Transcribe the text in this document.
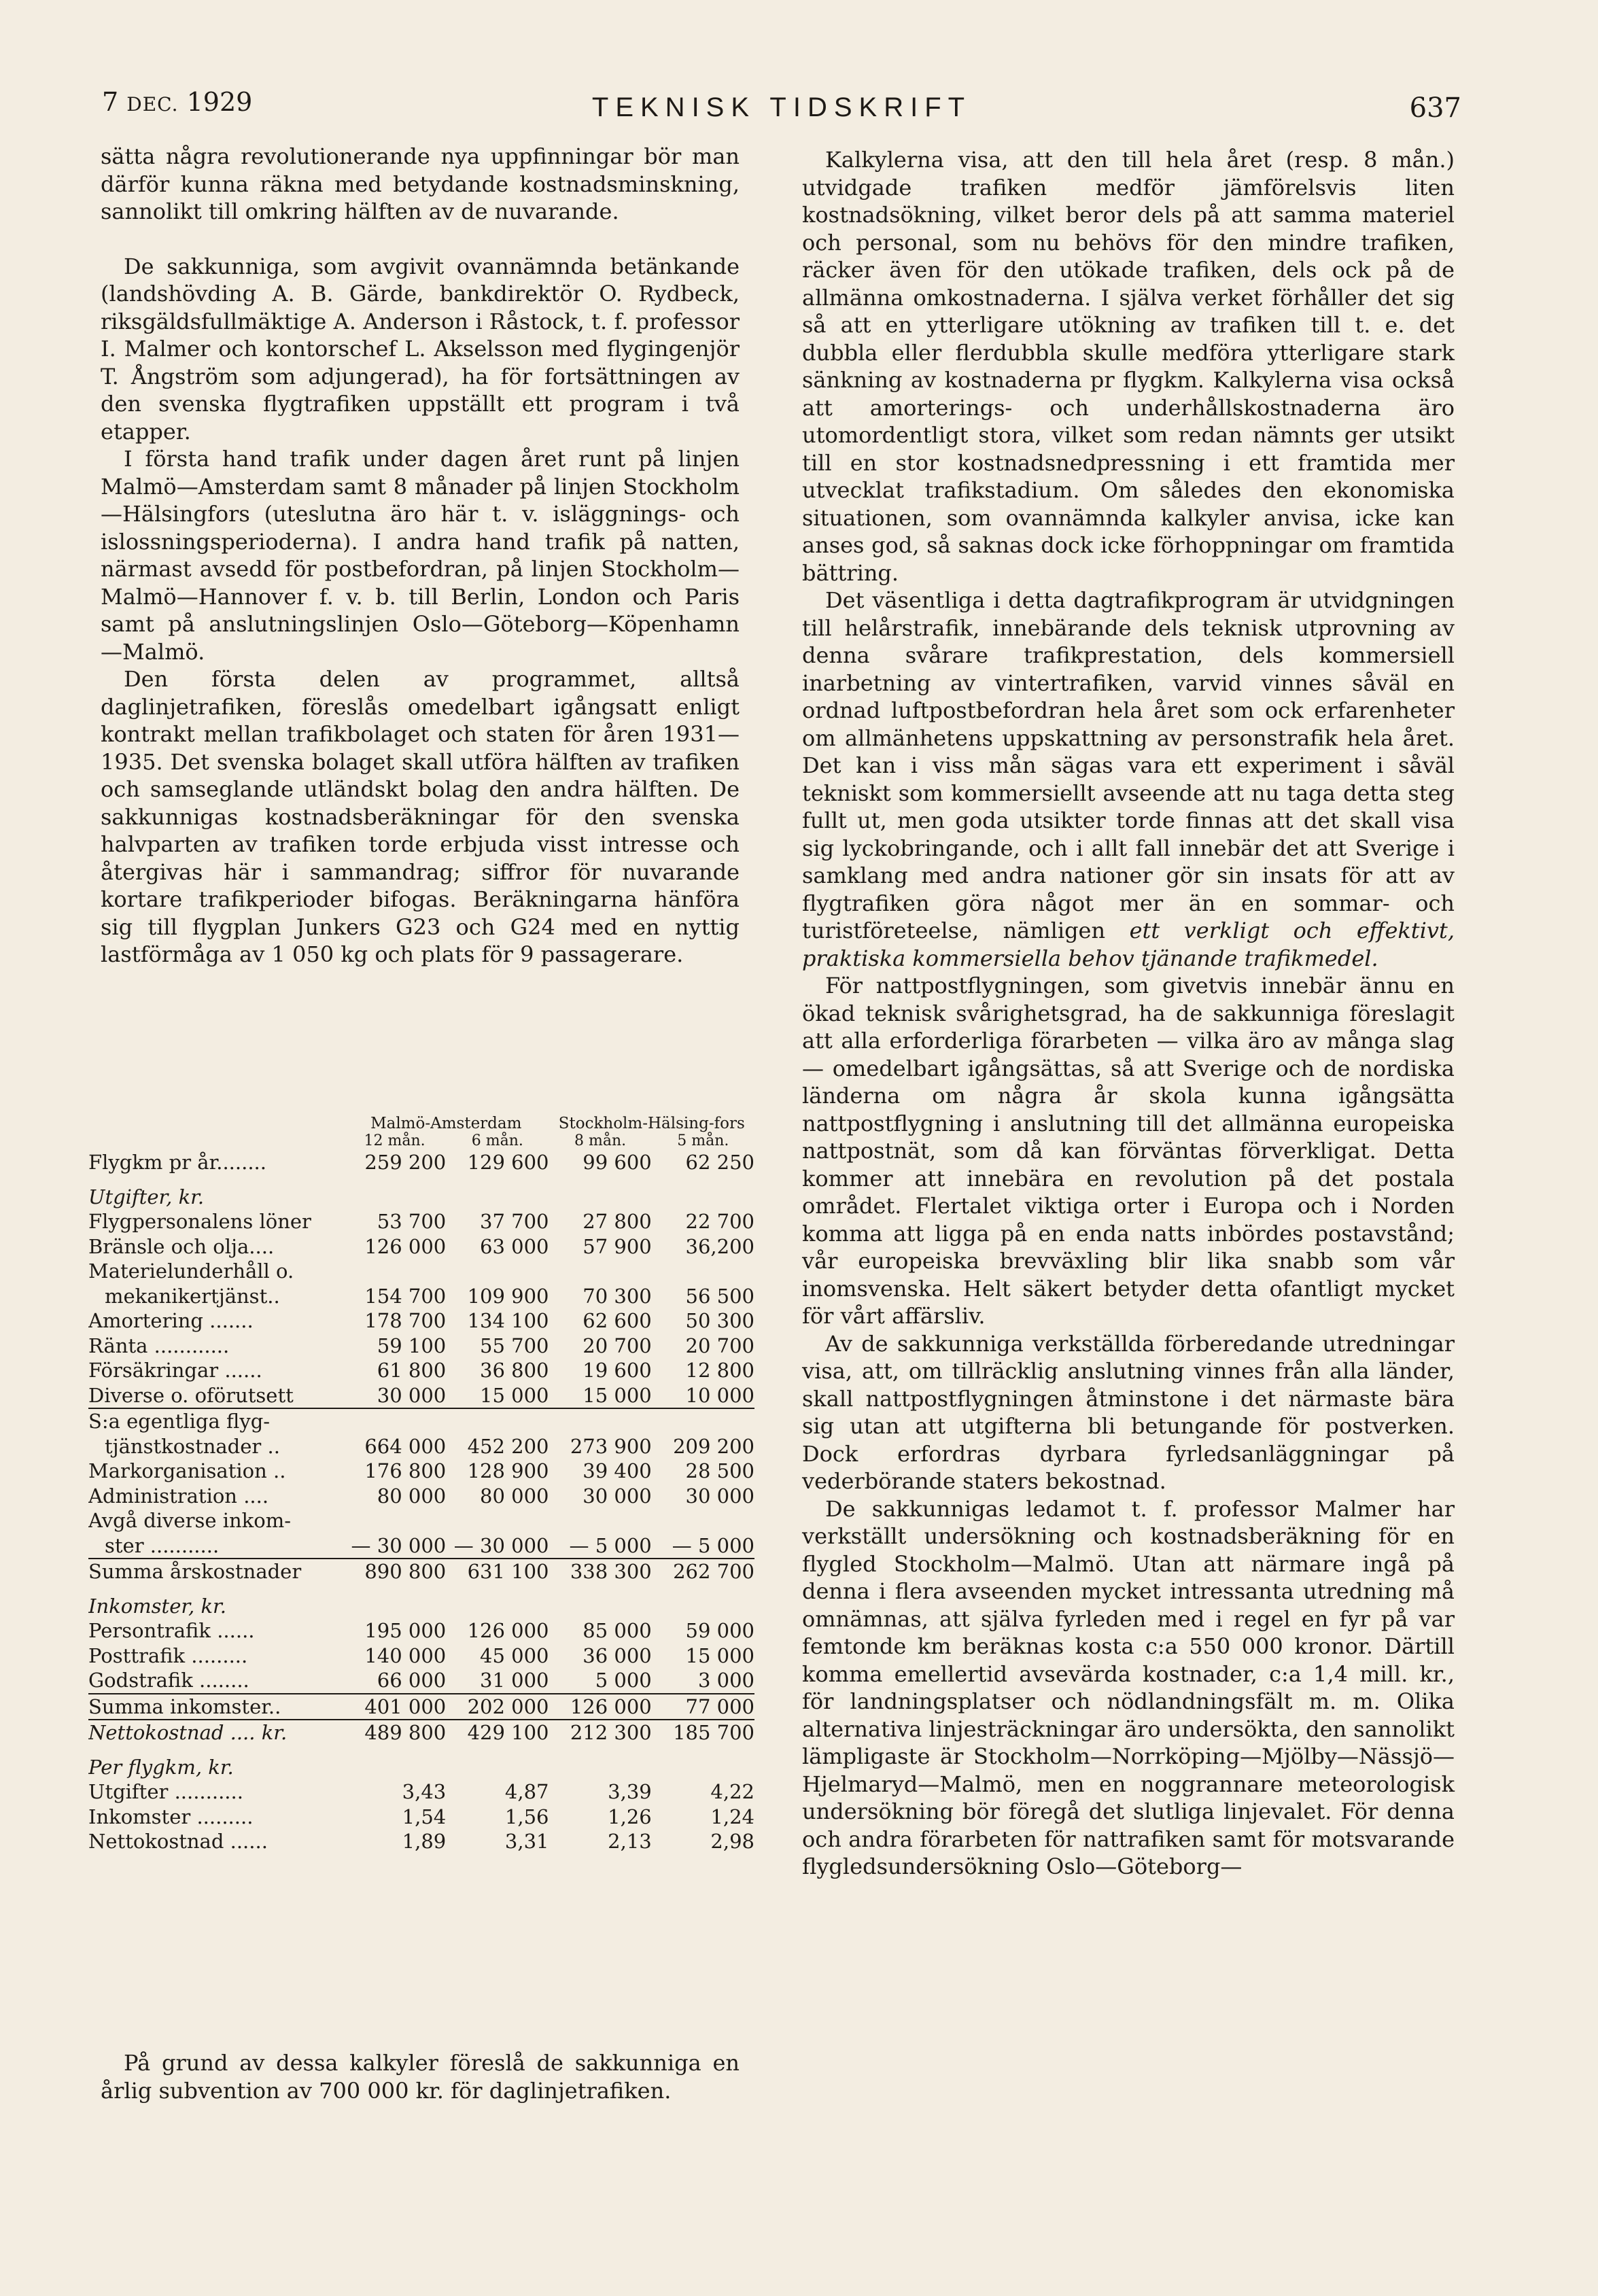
7 DEC. 1929	TEKNISK TIDSKRIFT	637

sätta några revolutionerande nya uppfinningar bör man därför kunna räkna med betydande kostnadsminskning, sannolikt till omkring hälften av de nuvarande.

De sakkunniga, som avgivit ovannämnda betänkande (landshövding A. B. Gärde, bankdirektör O. Rydbeck, riksgäldsfullmäktige A. Anderson i Råstock, t. f. professor I. Malmer och kontorschef L. Akselsson med flygingenjör T. Ångström som adjungerad), ha för fortsättningen av den svenska flygtrafiken uppställt ett program i två etapper.

I första hand trafik under dagen året runt på linjen Malmö—Amsterdam samt 8 månader på linjen Stockholm—Hälsingfors (uteslutna äro här t. v. isläggnings- och islossningsperioderna). I andra hand trafik på natten, närmast avsedd för postbefordran, på linjen Stockholm—Malmö—Hannover f. v. b. till Berlin, London och Paris samt på anslutningslinjen Oslo—Göteborg—Köpenhamn—Malmö.

Den första delen av programmet, alltså daglinjetrafiken, föreslås omedelbart igångsatt enligt kontrakt mellan trafikbolaget och staten för åren 1931—1935. Det svenska bolaget skall utföra hälften av trafiken och samseglande utländskt bolag den andra hälften. De sakkunnigas kostnadsberäkningar för den svenska halvparten av trafiken torde erbjuda visst intresse och återgivas här i sammandrag; siffror för nuvarande kortare trafikperioder bifogas. Beräkningarna hänföra sig till flygplan Junkers G23 och G24 med en nyttig lastförmåga av 1 050 kg och plats för 9 passagerare.

	Malmö-Amsterdam		Stockholm-Hälsing-fors	
	12 mån.	6 mån.	8 mån.	5 mån.
Flygkm pr år........	259 200	129 600	99 600	62 250

Utgifter, kr.				
Flygpersonalens löner	53 700	37 700	27 800	22 700
Bränsle och olja....	126 000	63 000	57 900	36,200
Materielunderhåll o.				
mekanikertjänst..	154 700	109 900	70 300	56 500
Amortering .......	178 700	134 100	62 600	50 300
Ränta ............	59 100	55 700	20 700	20 700
Försäkringar ......	61 800	36 800	19 600	12 800
Diverse o. oförutsett	30 000	15 000	15 000	10 000
S:a egentliga flyg-				
tjänstkostnader ..	664 000	452 200	273 900	209 200
Markorganisation ..	176 800	128 900	39 400	28 500
Administration ....	80 000	80 000	30 000	30 000
Avgå diverse inkom-				
ster ...........	— 30 000	— 30 000	— 5 000	— 5 000
Summa årskostnader	890 800	631 100	338 300	262 700

Inkomster, kr.				
Persontrafik ......	195 000	126 000	85 000	59 000
Posttrafik .........	140 000	45 000	36 000	15 000
Godstrafik ........	66 000	31 000	5 000	3 000
Summa inkomster..	401 000	202 000	126 000	77 000
Nettokostnad .... kr.	489 800	429 100	212 300	185 700

Per flygkm, kr.				
Utgifter ...........	3,43	4,87	3,39	4,22
Inkomster .........	1,54	1,56	1,26	1,24
Nettokostnad ......	1,89	3,31	2,13	2,98

På grund av dessa kalkyler föreslå de sakkunniga en årlig subvention av 700 000 kr. för daglinjetrafiken.

Kalkylerna visa, att den till hela året (resp. 8 mån.) utvidgade trafiken medför jämförelsvis liten kostnadsökning, vilket beror dels på att samma materiel och personal, som nu behövs för den mindre trafiken, räcker även för den utökade trafiken, dels ock på de allmänna omkostnaderna. I själva verket förhåller det sig så att en ytterligare utökning av trafiken till t. e. det dubbla eller flerdubbla skulle medföra ytterligare stark sänkning av kostnaderna pr flygkm. Kalkylerna visa också att amorterings- och underhållskostnaderna äro utomordentligt stora, vilket som redan nämnts ger utsikt till en stor kostnadsnedpressning i ett framtida mer utvecklat trafikstadium. Om således den ekonomiska situationen, som ovannämnda kalkyler anvisa, icke kan anses god, så saknas dock icke förhoppningar om framtida bättring.

Det väsentliga i detta dagtrafikprogram är utvidgningen till helårstrafik, innebärande dels teknisk utprovning av denna svårare trafikprestation, dels kommersiell inarbetning av vintertrafiken, varvid vinnes såväl en ordnad luftpostbefordran hela året som ock erfarenheter om allmänhetens uppskattning av personstrafik hela året. Det kan i viss mån sägas vara ett experiment i såväl tekniskt som kommersiellt avseende att nu taga detta steg fullt ut, men goda utsikter torde finnas att det skall visa sig lyckobringande, och i allt fall innebär det att Sverige i samklang med andra nationer gör sin insats för att av flygtrafiken göra något mer än en sommar- och turistföreteelse, nämligen ett verkligt och effektivt, praktiska kommersiella behov tjänande trafikmedel.

För nattpostflygningen, som givetvis innebär ännu en ökad teknisk svårighetsgrad, ha de sakkunniga föreslagit att alla erforderliga förarbeten — vilka äro av många slag — omedelbart igångsättas, så att Sverige och de nordiska länderna om några år skola kunna igångsätta nattpostflygning i anslutning till det allmänna europeiska nattpostnät, som då kan förväntas förverkligat. Detta kommer att innebära en revolution på det postala området. Flertalet viktiga orter i Europa och i Norden komma att ligga på en enda natts inbördes postavstånd; vår europeiska brevväxling blir lika snabb som vår inomsvenska. Helt säkert betyder detta ofantligt mycket för vårt affärsliv.

Av de sakkunniga verkställda förberedande utredningar visa, att, om tillräcklig anslutning vinnes från alla länder, skall nattpostflygningen åtminstone i det närmaste bära sig utan att utgifterna bli betungande för postverken. Dock erfordras dyrbara fyrledsanläggningar på vederbörande staters bekostnad.

De sakkunnigas ledamot t. f. professor Malmer har verkställt undersökning och kostnadsberäkning för en flygled Stockholm—Malmö. Utan att närmare ingå på denna i flera avseenden mycket intressanta utredning må omnämnas, att själva fyrleden med i regel en fyr på var femtonde km beräknas kosta c:a 550 000 kronor. Därtill komma emellertid avsevärda kostnader, c:a 1,4 mill. kr., för landningsplatser och nödlandningsfält m. m. Olika alternativa linjesträckningar äro undersökta, den sannolikt lämpligaste är Stockholm—Norrköping—Mjölby—Nässjö—Hjelmaryd—Malmö, men en noggrannare meteorologisk undersökning bör föregå det slutliga linjevalet. För denna och andra förarbeten för nattrafiken samt för motsvarande flygledsundersökning Oslo—Göteborg—
